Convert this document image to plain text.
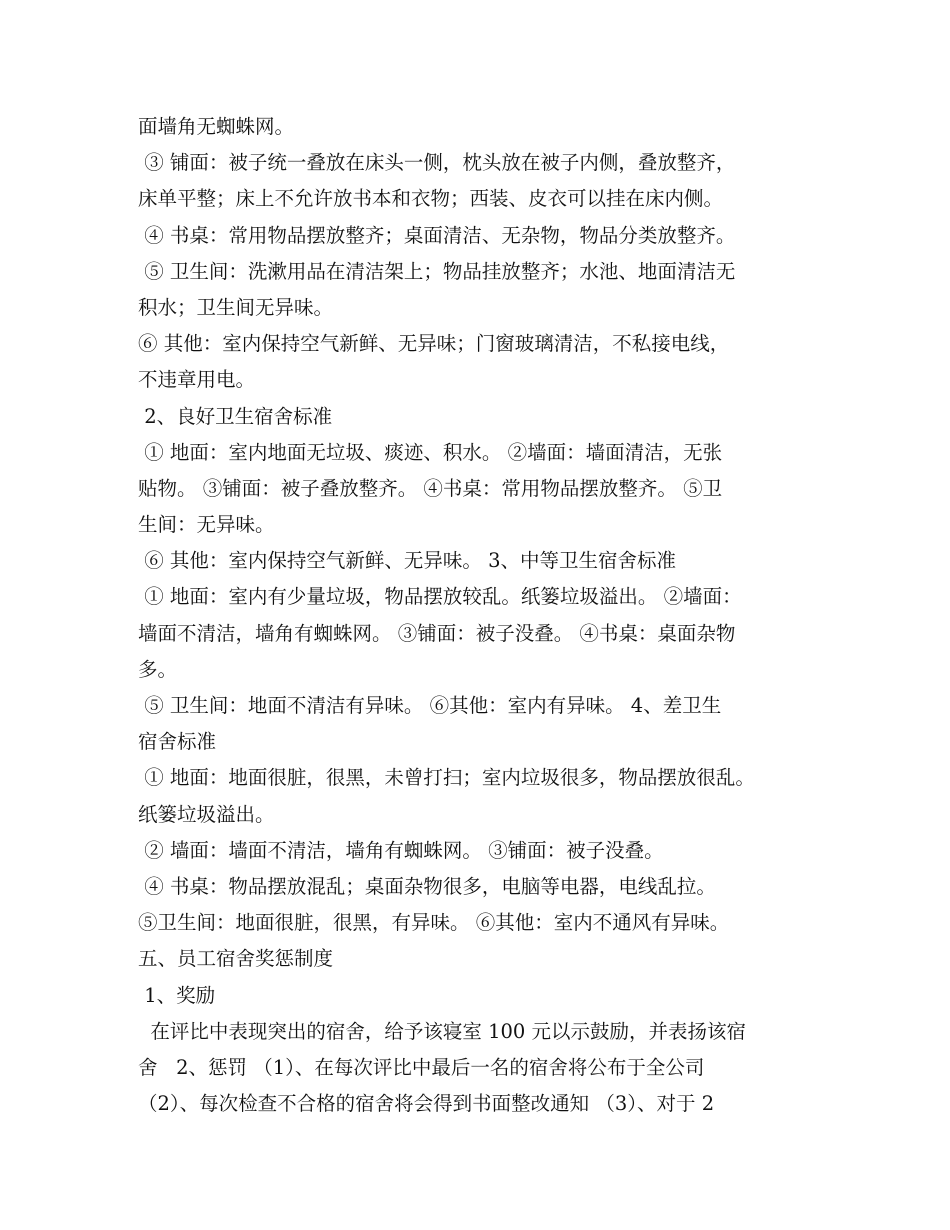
面墙角无蜘蛛网。
③ 铺面：被子统一叠放在床头一侧，枕头放在被子内侧，叠放整齐，
床单平整；床上不允许放书本和衣物；西装、皮衣可以挂在床内侧。
④ 书桌：常用物品摆放整齐；桌面清洁、无杂物，物品分类放整齐。
⑤ 卫生间：洗漱用品在清洁架上；物品挂放整齐；水池、地面清洁无
积水；卫生间无异味。
⑥ 其他：室内保持空气新鲜、无异味；门窗玻璃清洁，不私接电线，
不违章用电。
2、良好卫生宿舍标准
① 地面：室内地面无垃圾、痰迹、积水。 ②墙面：墙面清洁，无张
贴物。 ③铺面：被子叠放整齐。 ④书桌：常用物品摆放整齐。 ⑤卫
生间：无异味。
⑥ 其他：室内保持空气新鲜、无异味。 3、中等卫生宿舍标准
① 地面：室内有少量垃圾，物品摆放较乱。纸篓垃圾溢出。 ②墙面：
墙面不清洁，墙角有蜘蛛网。 ③铺面：被子没叠。 ④书桌：桌面杂物
多。
⑤ 卫生间：地面不清洁有异味。 ⑥其他：室内有异味。 4、差卫生
宿舍标准
① 地面：地面很脏，很黑，未曾打扫；室内垃圾很多，物品摆放很乱。
纸篓垃圾溢出。
② 墙面：墙面不清洁，墙角有蜘蛛网。 ③铺面：被子没叠。
④ 书桌：物品摆放混乱；桌面杂物很多，电脑等电器，电线乱拉。
⑤卫生间：地面很脏，很黑，有异味。 ⑥其他：室内不通风有异味。
五、员工宿舍奖惩制度
1、奖励
在评比中表现突出的宿舍，给予该寝室 100 元以示鼓励，并表扬该宿
舍   2、惩罚 （1）、在每次评比中最后一名的宿舍将公布于全公司
（2）、每次检查不合格的宿舍将会得到书面整改通知 （3）、对于 2
